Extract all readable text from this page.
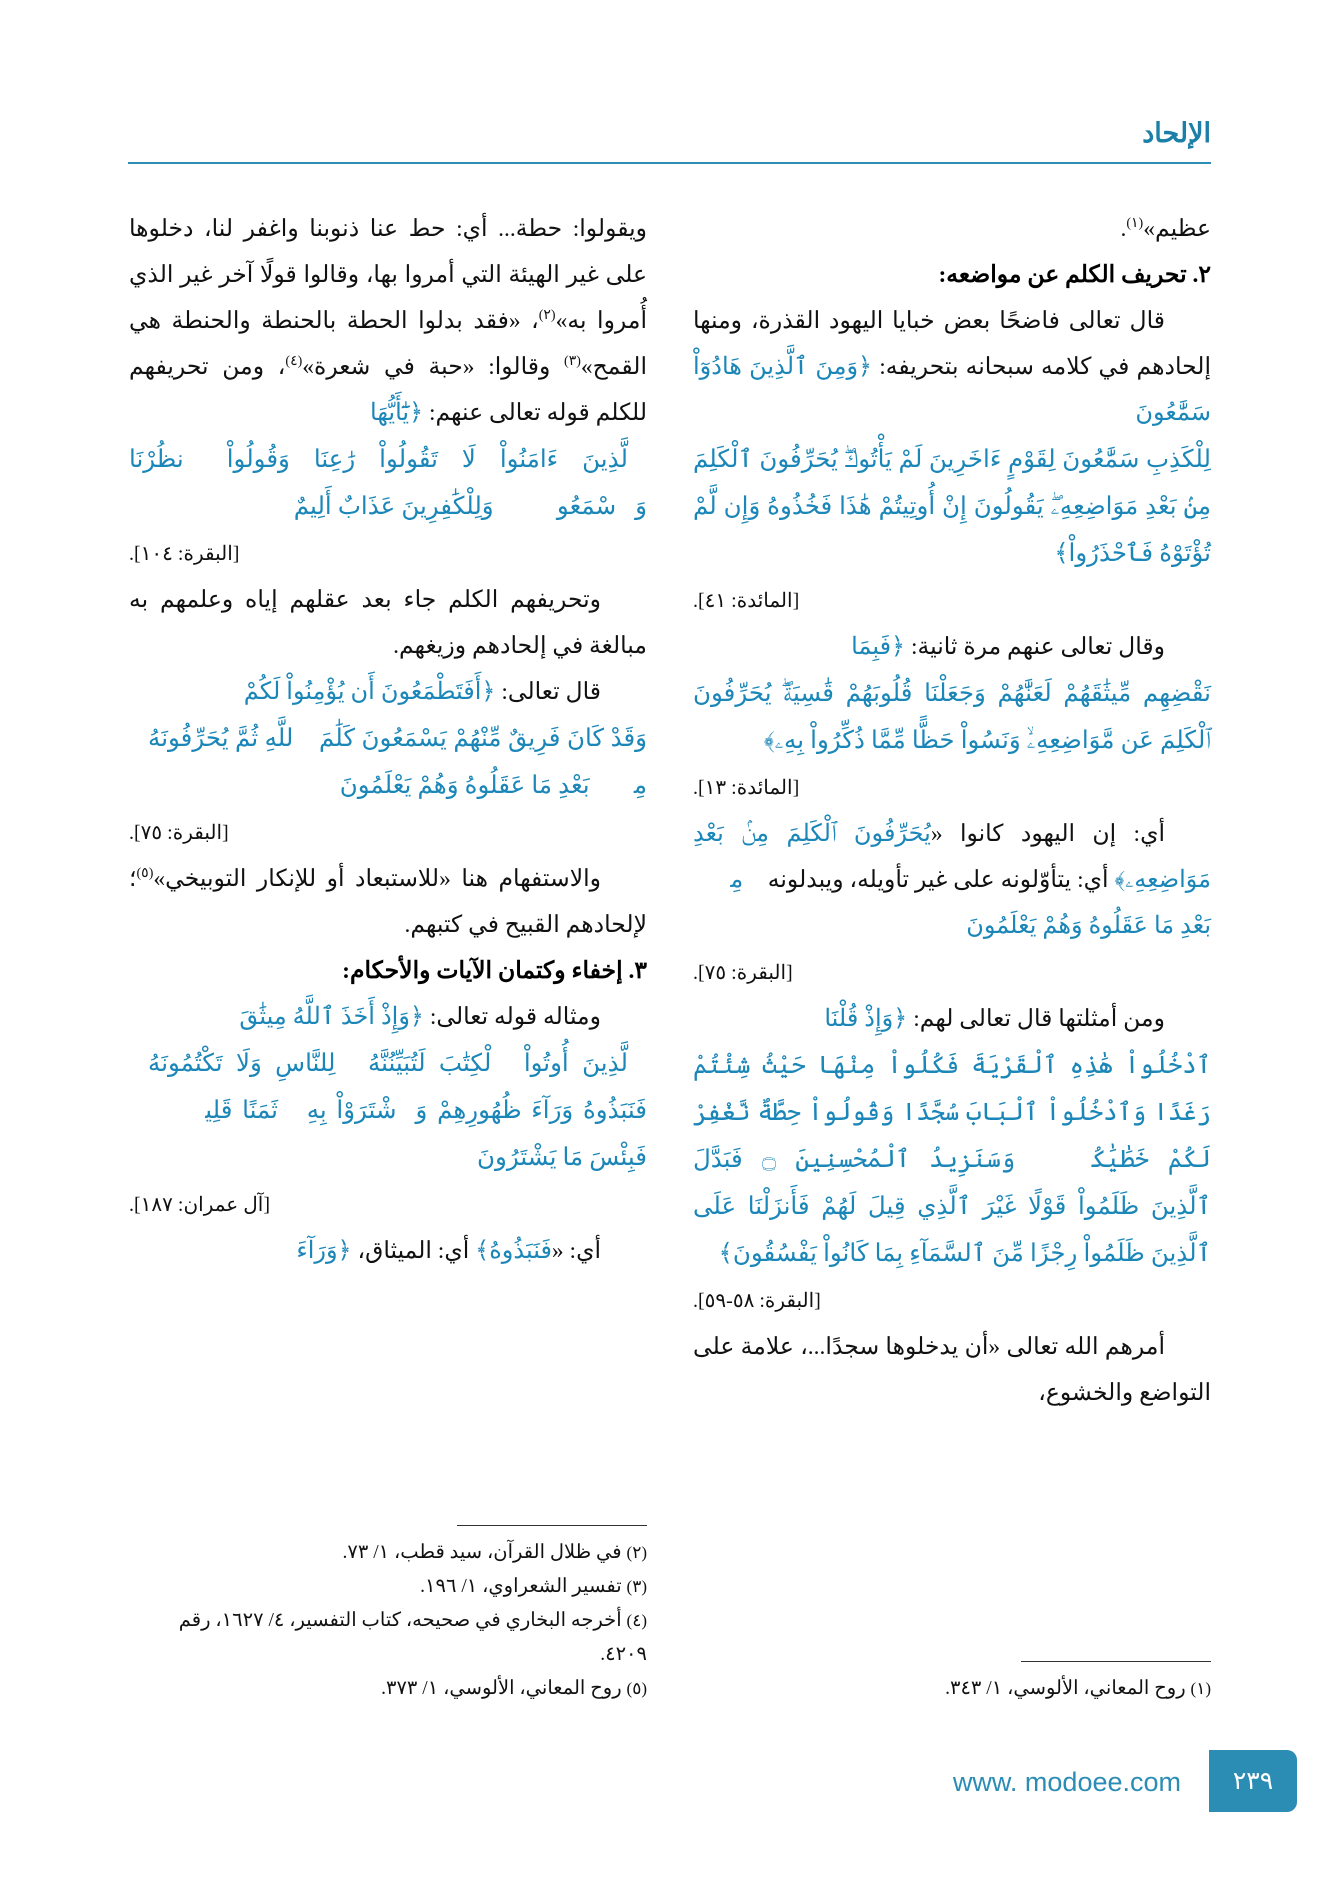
الإلحاد

عظيم»$^{(١)}$.

٢. تحريف الكلم عن مواضعه:

قال تعالى فاضحًا بعض خبايا اليهود القذرة، ومنها إلحادهم في كلامه سبحانه بتحريفه: ﴿وَمِنَ ٱلَّذِينَ هَادُوٓاْ سَمَّٰعُونَ

لِلْكَذِبِ سَمَّٰعُونَ لِقَوْمٍ ءَاخَرِينَ لَمْ يَأْتُوكَۖ يُحَرِّفُونَ ٱلْكَلِمَ مِنۢ بَعْدِ مَوَاضِعِهِۦۖ يَقُولُونَ إِنْ أُوتِيتُمْ هَٰذَا فَخُذُوهُ وَإِن لَّمْ تُؤْتَوْهُ فَٱحْذَرُواْ﴾

[المائدة: ٤١].

وقال تعالى عنهم مرة ثانية: ﴿فَبِمَا

نَقْضِهِم مِّيثَٰقَهُمْ لَعَنَّٰهُمْ وَجَعَلْنَا قُلُوبَهُمْ قَٰسِيَةًۖ يُحَرِّفُونَ ٱلْكَلِمَ عَن مَّوَاضِعِهِۦۙ وَنَسُواْ حَظًّا مِّمَّا ذُكِّرُواْ بِهِۦ﴾

[المائدة: ١٣].

أي: إن اليهود كانوا «يُحَرِّفُونَ ٱلْكَلِمَ مِنۢ بَعْدِ مَوَاضِعِهِۦ﴾ أي: يتأوّلونه على غير تأويله، ويبدلونه ﴿مِنۢ بَعْدِ مَا عَقَلُوهُ وَهُمْ يَعْلَمُونَ﴾

[البقرة: ٧٥].

ومن أمثلتها قال تعالى لهم: ﴿وَإِذْ قُلْنَا

ٱدْخُلُواْ هَٰذِهِ ٱلْقَرْيَةَ فَكُلُواْ مِنْهَا حَيْثُ شِئْتُمْ رَغَدًا وَٱدْخُلُواْ ٱلْبَابَ سُجَّدًا وَقُولُواْ حِطَّةٌ نَّغْفِرْ لَكُمْ خَطَٰيَٰكُمْۚ وَسَنَزِيدُ ٱلْمُحْسِنِينَ ۝ فَبَدَّلَ ٱلَّذِينَ ظَلَمُواْ قَوْلًا غَيْرَ ٱلَّذِي قِيلَ لَهُمْ فَأَنزَلْنَا عَلَى ٱلَّذِينَ ظَلَمُواْ رِجْزًا مِّنَ ٱلسَّمَآءِ بِمَا كَانُواْ يَفْسُقُونَ﴾

[البقرة: ٥٨-٥٩].

أمرهم الله تعالى «أن يدخلوها سجدًا...، علامة على التواضع والخشوع،

(١) روح المعاني، الألوسي، ١/ ٣٤٣.

ويقولوا: حطة... أي: حط عنا ذنوبنا واغفر لنا، دخلوها على غير الهيئة التي أمروا بها، وقالوا قولًا آخر غير الذي أُمروا به»$^{(٢)}$، «فقد بدلوا الحطة بالحنطة والحنطة هي القمح»$^{(٣)}$ وقالوا: «حبة في شعرة»$^{(٤)}$، ومن تحريفهم للكلم قوله تعالى عنهم: ﴿يَٰٓأَيُّهَا

ٱلَّذِينَ ءَامَنُواْ لَا تَقُولُواْ رَٰعِنَا وَقُولُواْ ٱنظُرْنَا وَٱسْمَعُواْۗ وَلِلْكَٰفِرِينَ عَذَابٌ أَلِيمٌ﴾

[البقرة: ١٠٤].

وتحريفهم الكلم جاء بعد عقلهم إياه وعلمهم به مبالغة في إلحادهم وزيغهم.

قال تعالى: ﴿أَفَتَطْمَعُونَ أَن يُؤْمِنُواْ لَكُمْ

وَقَدْ كَانَ فَرِيقٌ مِّنْهُمْ يَسْمَعُونَ كَلَٰمَ ٱللَّهِ ثُمَّ يُحَرِّفُونَهُۥ مِنۢ بَعْدِ مَا عَقَلُوهُ وَهُمْ يَعْلَمُونَ﴾

[البقرة: ٧٥].

والاستفهام هنا «للاستبعاد أو للإنكار التوبيخي»$^{(٥)}$؛ لإلحادهم القبيح في كتبهم.

٣. إخفاء وكتمان الآيات والأحكام:

ومثاله قوله تعالى: ﴿وَإِذْ أَخَذَ ٱللَّهُ مِيثَٰقَ

ٱلَّذِينَ أُوتُواْ ٱلْكِتَٰبَ لَتُبَيِّنُنَّهُۥ لِلنَّاسِ وَلَا تَكْتُمُونَهُۥ فَنَبَذُوهُ وَرَآءَ ظُهُورِهِمْ وَٱشْتَرَوْاْ بِهِۦ ثَمَنًا قَلِيلًاۖ فَبِئْسَ مَا يَشْتَرُونَ﴾

[آل عمران: ١٨٧].

أي: «فَنَبَذُوهُ﴾ أي: الميثاق، ﴿وَرَآءَ

(٢) في ظلال القرآن، سيد قطب، ١/ ٧٣.
(٣) تفسير الشعراوي، ١/ ١٩٦.
(٤) أخرجه البخاري في صحيحه، كتاب التفسير، ٤/ ١٦٢٧، رقم ٤٢٠٩.
(٥) روح المعاني، الألوسي، ١/ ٣٧٣.
٢٣٩
www. modoee.com
